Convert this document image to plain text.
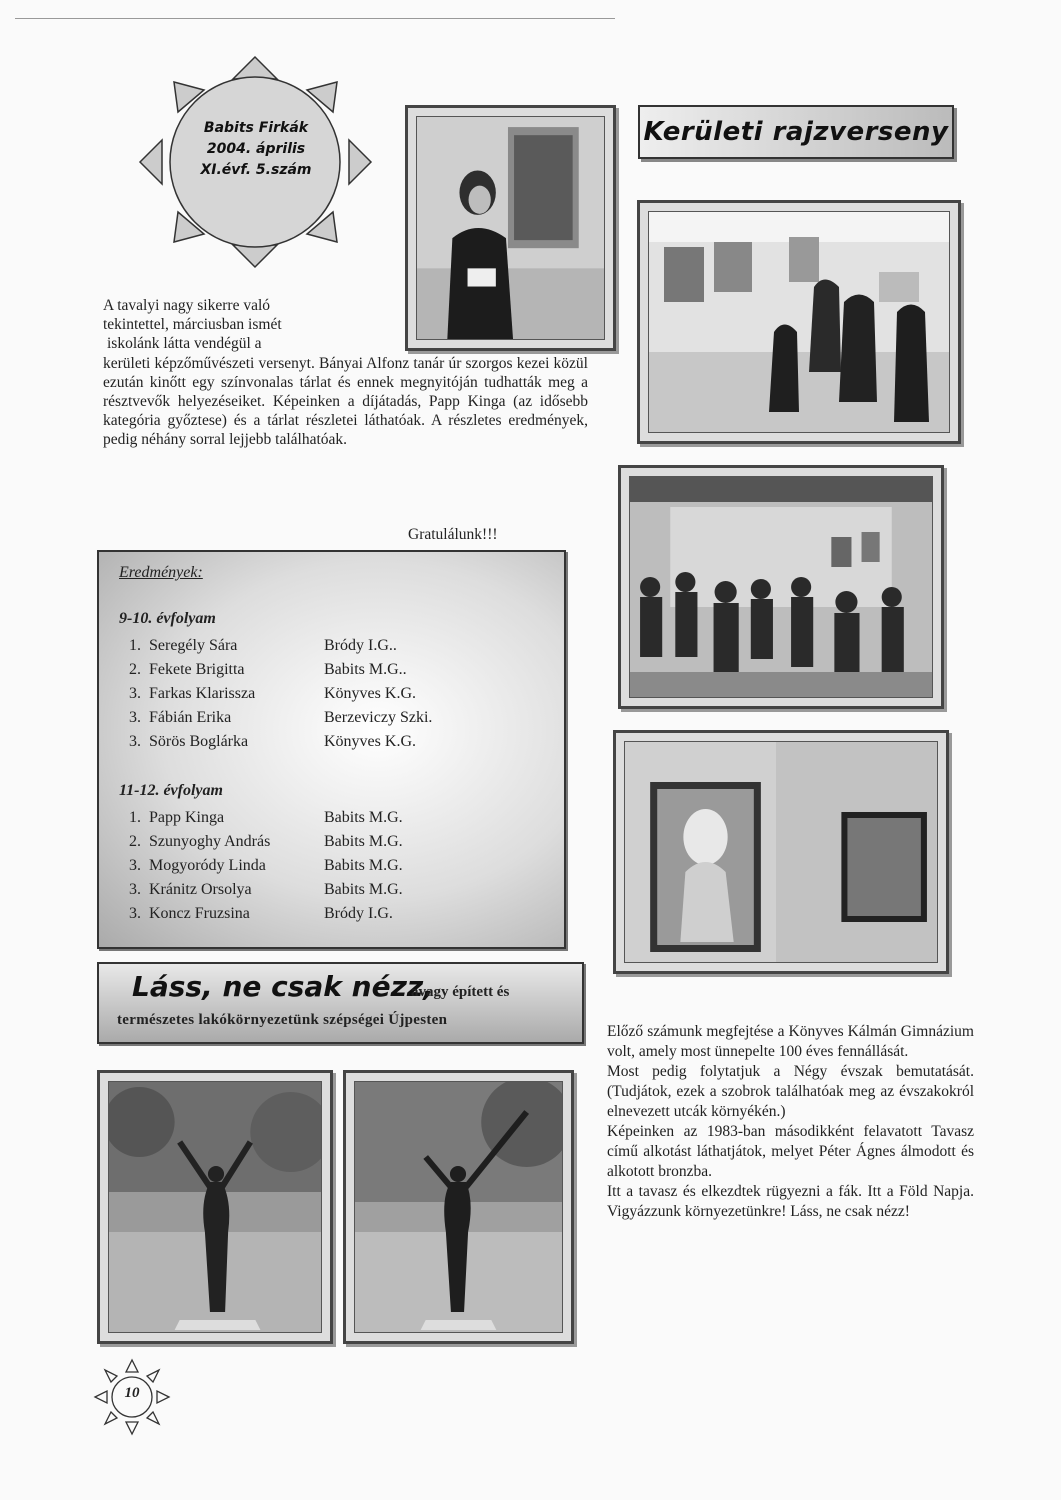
Babits Firkák
2004. április
XI.évf. 5.szám
Kerületi rajzverseny
A tavalyi nagy sikerre való
tekintettel, márciusban ismét
iskolánk látta vendégül a

kerületi képzőművészeti versenyt. Bányai Alfonz tanár úr szorgos kezei közül ezután kinőtt egy színvonalas tárlat és ennek megnyitóján tudhatták meg a résztvevők helyezéseiket. Képeinken a díjátadás, Papp Kinga (az idősebb kategória győztese) és a tárlat részletei láthatóak. A részletes eredmények, pedig néhány sorral lejjebb találhatóak.

Gratulálunk!!!
Eredmények:
9-10. évfolyam
1. Seregély Sára	Bródy I.G..
2. Fekete Brigitta	Babits M.G..
3. Farkas Klarissza	Könyves K.G.
3. Fábián Erika	Berzeviczy Szki.
3. Sörös Boglárka	Könyves K.G.
11-12. évfolyam
1. Papp Kinga	Babits M.G.
2. Szunyoghy András	Babits M.G.
3. Mogyoródy Linda	Babits M.G.
3. Kránitz Orsolya	Babits M.G.
3. Koncz Fruzsina	Bródy I.G.
Láss, ne csak nézz,
avagy épített és
természetes lakókörnyezetünk szépségei Újpesten

Előző számunk megfejtése a Könyves Kálmán Gimnázium volt, amely most ünnepelte 100 éves fennállását.

Most pedig folytatjuk a Négy évszak bemutatását. (Tudjátok, ezek a szobrok találhatóak meg az évszakokról elnevezett utcák környékén.)

Képeinken az 1983-ban másodikként felavatott Tavasz című alkotást láthatjátok, melyet Péter Ágnes álmodott és alkotott bronzba.

Itt a tavasz és elkezdtek rügyezni a fák. Itt a Föld Napja. Vigyázzunk környezetünkre! Láss, ne csak nézz!

10
